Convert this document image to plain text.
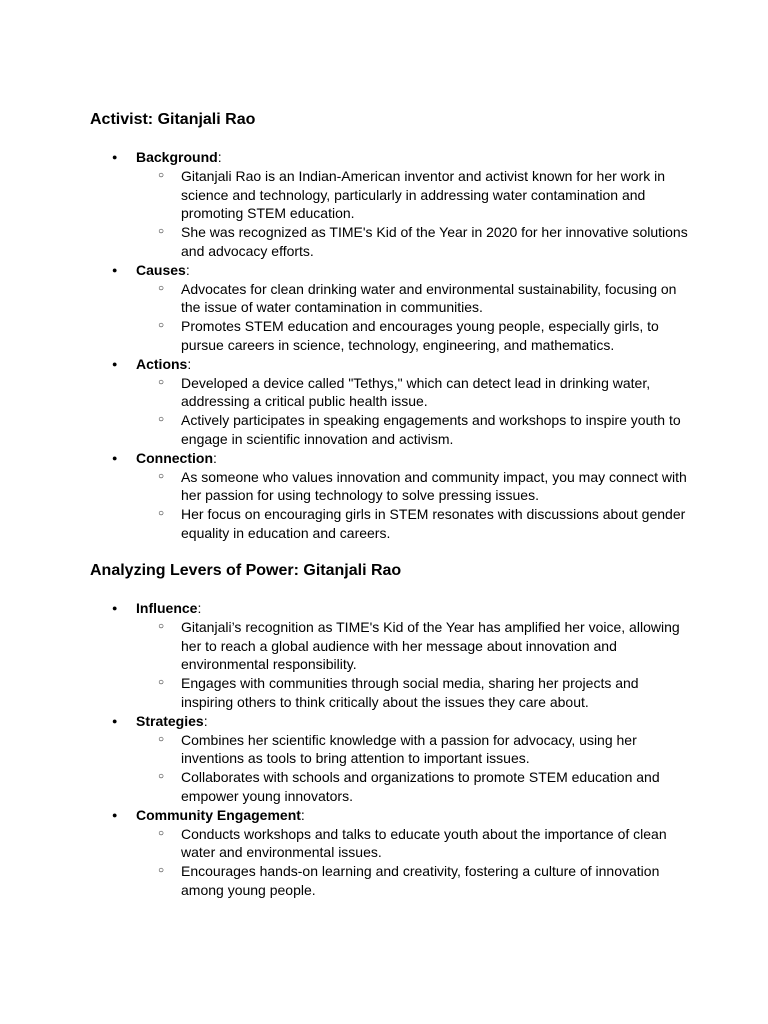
Activist: Gitanjali Rao
● Background:
○ Gitanjali Rao is an Indian-American inventor and activist known for her work in science and technology, particularly in addressing water contamination and promoting STEM education.
○ She was recognized as TIME's Kid of the Year in 2020 for her innovative solutions and advocacy efforts.
● Causes:
○ Advocates for clean drinking water and environmental sustainability, focusing on the issue of water contamination in communities.
○ Promotes STEM education and encourages young people, especially girls, to pursue careers in science, technology, engineering, and mathematics.
● Actions:
○ Developed a device called "Tethys," which can detect lead in drinking water, addressing a critical public health issue.
○ Actively participates in speaking engagements and workshops to inspire youth to engage in scientific innovation and activism.
● Connection:
○ As someone who values innovation and community impact, you may connect with her passion for using technology to solve pressing issues.
○ Her focus on encouraging girls in STEM resonates with discussions about gender equality in education and careers.
Analyzing Levers of Power: Gitanjali Rao
● Influence:
○ Gitanjali’s recognition as TIME's Kid of the Year has amplified her voice, allowing her to reach a global audience with her message about innovation and environmental responsibility.
○ Engages with communities through social media, sharing her projects and inspiring others to think critically about the issues they care about.
● Strategies:
○ Combines her scientific knowledge with a passion for advocacy, using her inventions as tools to bring attention to important issues.
○ Collaborates with schools and organizations to promote STEM education and empower young innovators.
● Community Engagement:
○ Conducts workshops and talks to educate youth about the importance of clean water and environmental issues.
○ Encourages hands-on learning and creativity, fostering a culture of innovation among young people.
